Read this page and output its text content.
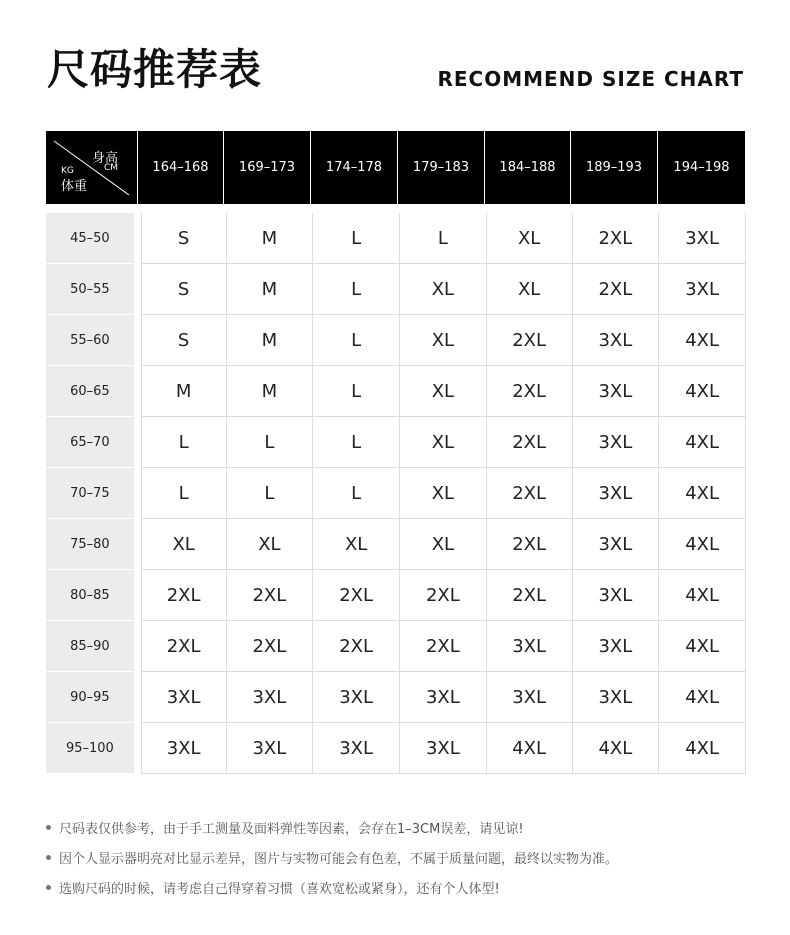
尺码推荐表	RECOMMEND SIZE CHART
身高
CM
KG
体重
164–168	169–173	174–178	179–183	184–188	189–193	194–198
45–50	S	M	L	L	XL	2XL	3XL
50–55	S	M	L	XL	XL	2XL	3XL
55–60	S	M	L	XL	2XL	3XL	4XL
60–65	M	M	L	XL	2XL	3XL	4XL
65–70	L	L	L	XL	2XL	3XL	4XL
70–75	L	L	L	XL	2XL	3XL	4XL
75–80	XL	XL	XL	XL	2XL	3XL	4XL
80–85	2XL	2XL	2XL	2XL	2XL	3XL	4XL
85–90	2XL	2XL	2XL	2XL	3XL	3XL	4XL
90–95	3XL	3XL	3XL	3XL	3XL	3XL	4XL
95–100	3XL	3XL	3XL	3XL	4XL	4XL	4XL
尺码表仅供参考，由于手工测量及面料弹性等因素，会存在1–3CM误差，请见谅!
因个人显示器明亮对比显示差异，图片与实物可能会有色差，不属于质量问题，最终以实物为准。
选购尺码的时候，请考虑自己得穿着习惯（喜欢宽松或紧身），还有个人体型!
